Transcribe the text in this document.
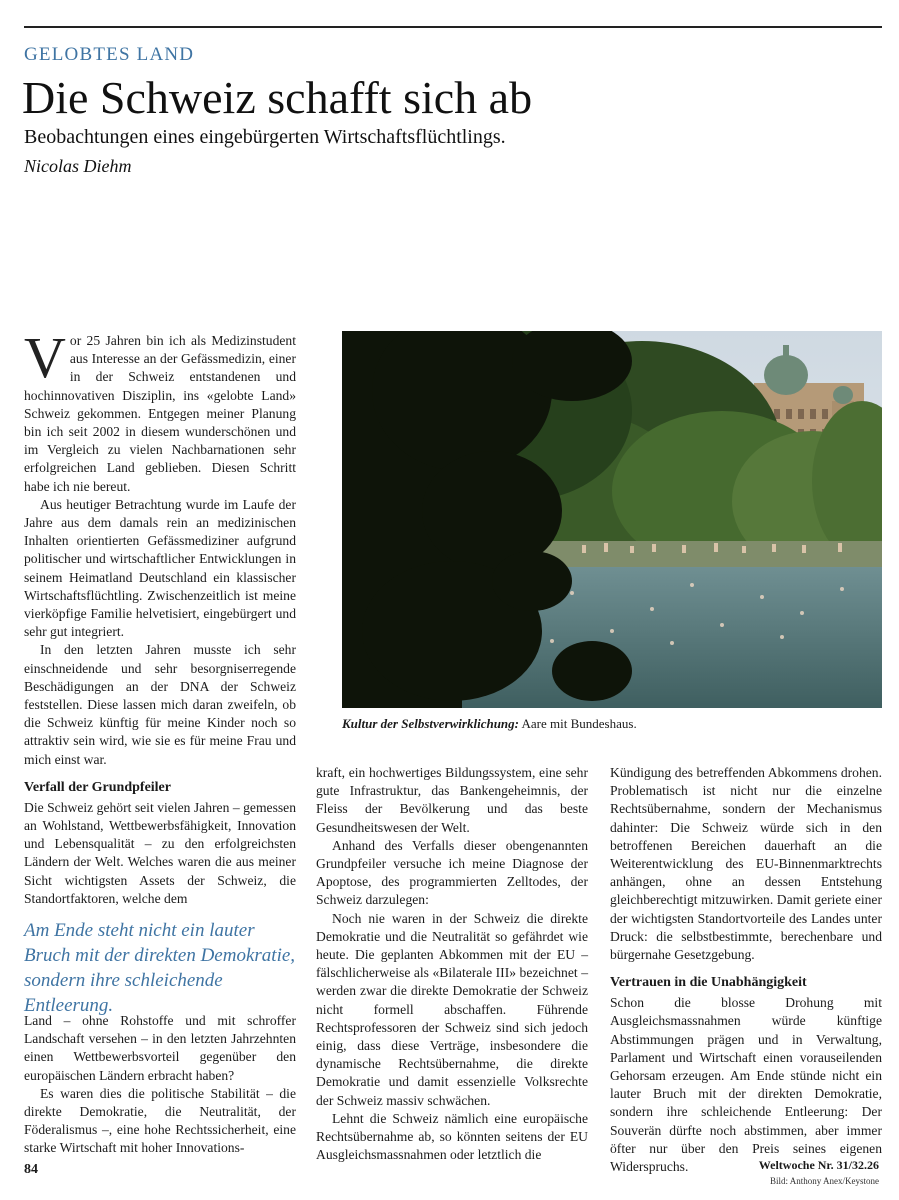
GELOBTES LAND
Die Schweiz schafft sich ab
Beobachtungen eines eingebürgerten Wirtschaftsflüchtlings.
Nicolas Diehm

Vor 25 Jahren bin ich als Medizinstudent aus Interesse an der Gefässmedizin, einer in der Schweiz entstandenen und hochinnovativen Disziplin, ins «gelobte Land» Schweiz gekommen. Entgegen meiner Planung bin ich seit 2002 in diesem wunderschönen und im Vergleich zu vielen Nachbarnationen sehr erfolgreichen Land geblieben. Diesen Schritt habe ich nie bereut.

Aus heutiger Betrachtung wurde im Laufe der Jahre aus dem damals rein an medizinischen Inhalten orientierten Gefässmediziner aufgrund politischer und wirtschaftlicher Entwicklungen in seinem Heimatland Deutschland ein klassischer Wirtschaftsflüchtling. Zwischenzeitlich ist meine vierköpfige Familie helvetisiert, eingebürgert und sehr gut integriert.

In den letzten Jahren musste ich sehr einschneidende und sehr besorgniserregende Beschädigungen an der DNA der Schweiz feststellen. Diese lassen mich daran zweifeln, ob die Schweiz künftig für meine Kinder noch so attraktiv sein wird, wie sie es für meine Frau und mich einst war.

Verfall der Grundpfeiler

Die Schweiz gehört seit vielen Jahren – gemessen an Wohlstand, Wettbewerbsfähigkeit, Innovation und Lebensqualität – zu den erfolgreichsten Ländern der Welt. Welches waren die aus meiner Sicht wichtigsten Assets der Schweiz, die Standortfaktoren, welche dem

Am Ende steht nicht ein lauter Bruch mit der direkten Demokratie, sondern ihre schleichende Entleerung.

Land – ohne Rohstoffe und mit schroffer Landschaft versehen – in den letzten Jahrzehnten einen Wettbewerbsvorteil gegenüber den europäischen Ländern erbracht haben?

Es waren dies die politische Stabilität – die direkte Demokratie, die Neutralität, der Föderalismus –, eine hohe Rechtssicherheit, eine starke Wirtschaft mit hoher Innovations-

Kultur der Selbstverwirklichung: Aare mit Bundeshaus.

kraft, ein hochwertiges Bildungssystem, eine sehr gute Infrastruktur, das Bankengeheimnis, der Fleiss der Bevölkerung und das beste Gesundheitswesen der Welt.

Anhand des Verfalls dieser obengenannten Grundpfeiler versuche ich meine Diagnose der Apoptose, des programmierten Zelltodes, der Schweiz darzulegen:

Noch nie waren in der Schweiz die direkte Demokratie und die Neutralität so gefährdet wie heute. Die geplanten Abkommen mit der EU – fälschlicherweise als «Bilaterale III» bezeichnet – werden zwar die direkte Demokratie der Schweiz nicht formell abschaffen. Führende Rechtsprofessoren der Schweiz sind sich jedoch einig, dass diese Verträge, insbesondere die dynamische Rechtsübernahme, die direkte Demokratie und damit essenzielle Volksrechte der Schweiz massiv schwächen.

Lehnt die Schweiz nämlich eine europäische Rechtsübernahme ab, so könnten seitens der EU Ausgleichsmassnahmen oder letztlich die

Kündigung des betreffenden Abkommens drohen. Problematisch ist nicht nur die einzelne Rechtsübernahme, sondern der Mechanismus dahinter: Die Schweiz würde sich in den betroffenen Bereichen dauerhaft an die Weiterentwicklung des EU-Binnenmarktrechts anhängen, ohne an dessen Entstehung gleichberechtigt mitzuwirken. Damit geriete einer der wichtigsten Standortvorteile des Landes unter Druck: die selbstbestimmte, berechenbare und bürgernahe Gesetzgebung.

Vertrauen in die Unabhängigkeit

Schon die blosse Drohung mit Ausgleichsmassnahmen würde künftige Abstimmungen prägen und in Verwaltung, Parlament und Wirtschaft einen vorauseilenden Gehorsam erzeugen. Am Ende stünde nicht ein lauter Bruch mit der direkten Demokratie, sondern ihre schleichende Entleerung: Der Souverän dürfte noch abstimmen, aber immer öfter nur über den Preis seines eigenen Widerspruchs.

84	Weltwoche Nr. 31/32.26
Bild: Anthony Anex/Keystone
